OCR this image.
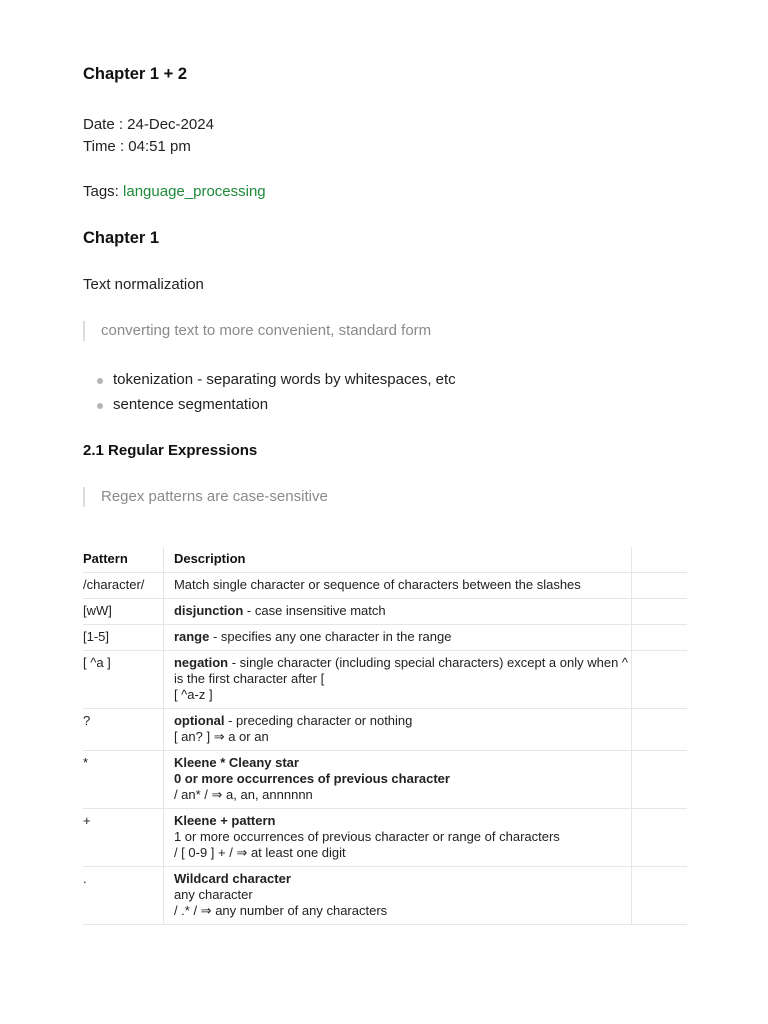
Chapter 1 + 2
Date : 24-Dec-2024
Time : 04:51 pm
Tags: language_processing
Chapter 1
Text normalization
converting text to more convenient, standard form
tokenization - separating words by whitespaces, etc
sentence segmentation
2.1 Regular Expressions
Regex patterns are case-sensitive
Pattern	Description	
/character/	Match single character or sequence of characters between the slashes	

[wW]	disjunction - case insensitive match	

[1-5]	range - specifies any one character in the range	

[ ^a ]	negation - single character (including special characters) except a only when ^ is the first character after [
[ ^a-z ]	

?	optional - preceding character or nothing
[ an? ] ⇒ a or an	

*	Kleene * Cleany star
0 or more occurrences of previous character
/ an* / ⇒ a, an, annnnnn	

+	Kleene + pattern
1 or more occurrences of previous character or range of characters
/ [ 0-9 ] + / ⇒ at least one digit	

.	Wildcard character
any character
/ .* / ⇒ any number of any characters	
